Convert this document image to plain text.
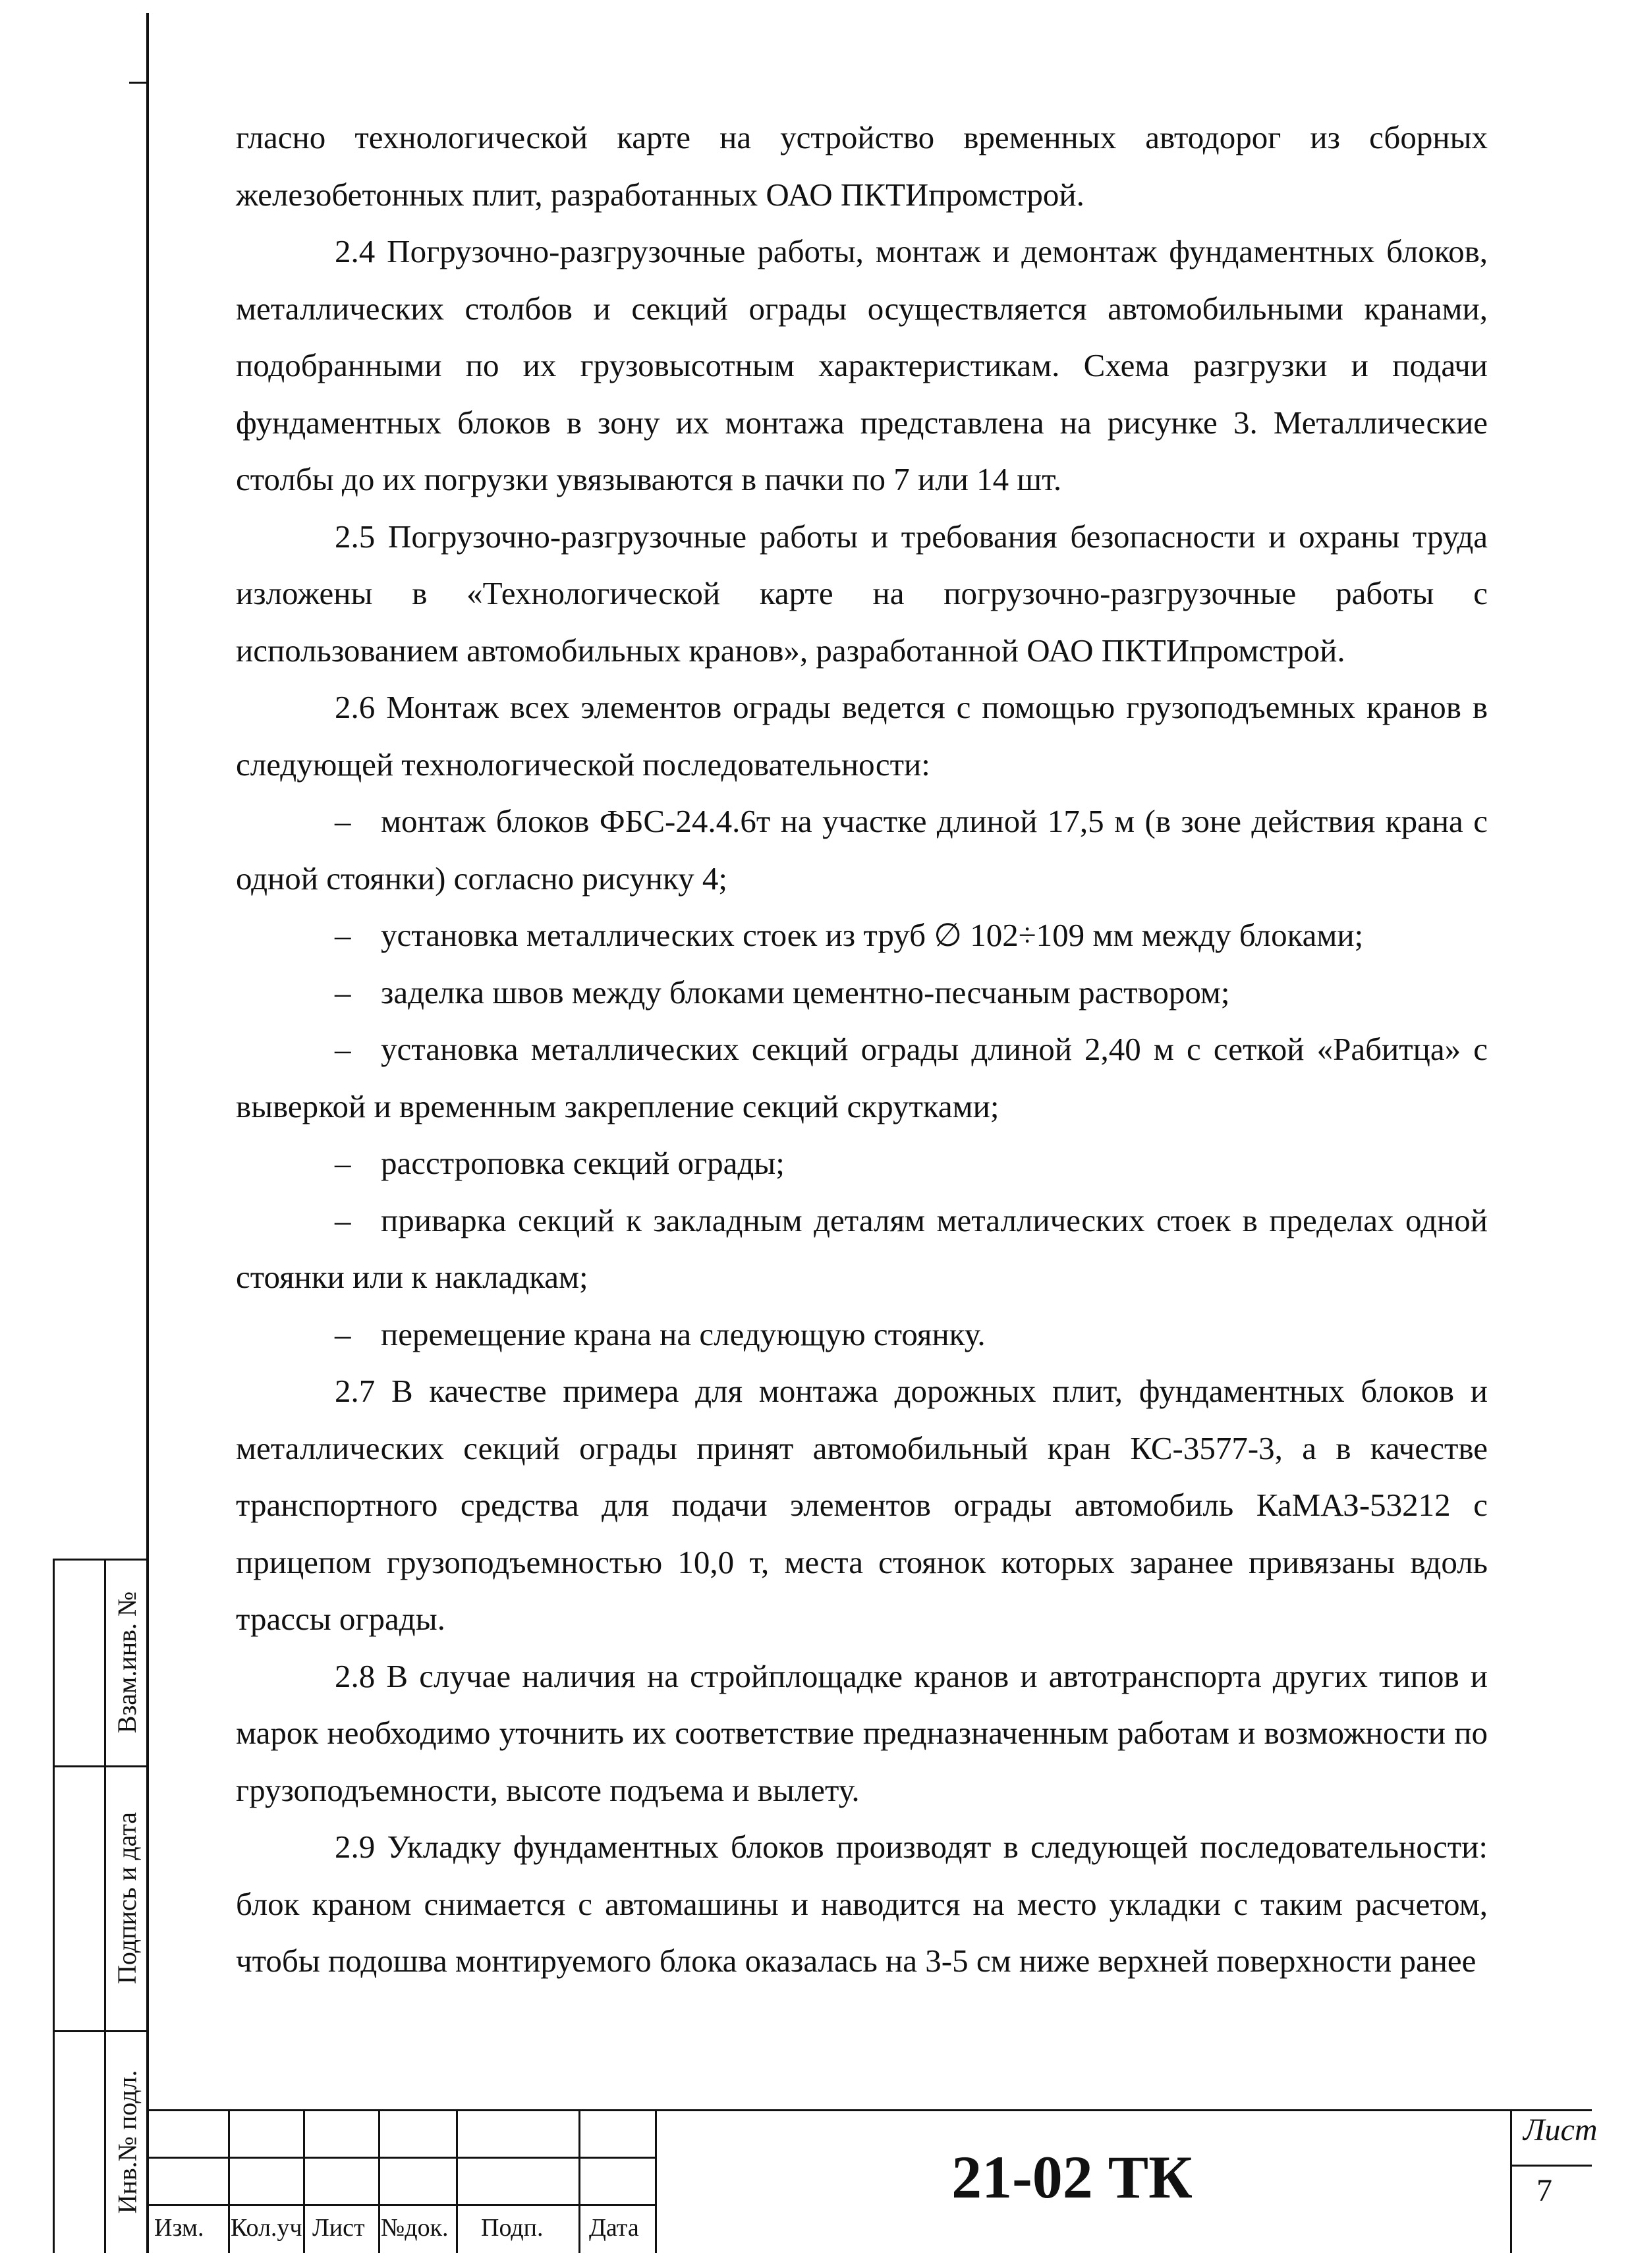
гласно технологической карте на устройство временных автодорог из сборных железобетонных плит, разработанных ОАО ПКТИпромстрой.

2.4 Погрузочно-разгрузочные работы, монтаж и демонтаж фундаментных блоков, металлических столбов и секций ограды осуществляется автомобильными кранами, подобранными по их грузовысотным характеристикам. Схема разгрузки и подачи фундаментных блоков в зону их монтажа представлена на рисунке 3. Металлические столбы до их погрузки увязываются в пачки по 7 или 14 шт.

2.5 Погрузочно-разгрузочные работы и требования безопасности и охраны труда изложены в «Технологической карте на погрузочно-разгрузочные работы с использованием автомобильных кранов», разработанной ОАО ПКТИпромстрой.

2.6 Монтаж всех элементов ограды ведется с помощью грузоподъемных кранов в следующей технологической последовательности:

– монтаж блоков ФБС-24.4.6т на участке длиной 17,5 м (в зоне действия крана с одной стоянки) согласно рисунку 4;

– установка металлических стоек из труб ∅ 102÷109 мм между блоками;

– заделка швов между блоками цементно-песчаным раствором;

– установка металлических секций ограды длиной 2,40 м с сеткой «Рабитца» с выверкой и временным закрепление секций скрутками;

– расстроповка секций ограды;

– приварка секций к закладным деталям металлических стоек в пределах одной стоянки или к накладкам;

– перемещение крана на следующую стоянку.

2.7 В качестве примера для монтажа дорожных плит, фундаментных блоков и металлических секций ограды принят автомобильный кран КС-3577-3, а в качестве транспортного средства для подачи элементов ограды автомобиль КаМАЗ-53212 с прицепом грузоподъемностью 10,0 т, места стоянок которых заранее привязаны вдоль трассы ограды.

2.8 В случае наличия на стройплощадке кранов и автотранспорта других типов и марок необходимо уточнить их соответствие предназначенным работам и возможности по грузоподъемности, высоте подъема и вылету.

2.9 Укладку фундаментных блоков производят в следующей последовательности: блок краном снимается с автомашины и наводится на место укладки с таким расчетом, чтобы подошва монтируемого блока оказалась на 3-5 см ниже верхней поверхности ранее

Взам.инв. №
Подпись и дата
Инв.№ подл.
Изм. Кол.уч Лист №док. Подп. Дата
21-02 ТК
Лист
7
